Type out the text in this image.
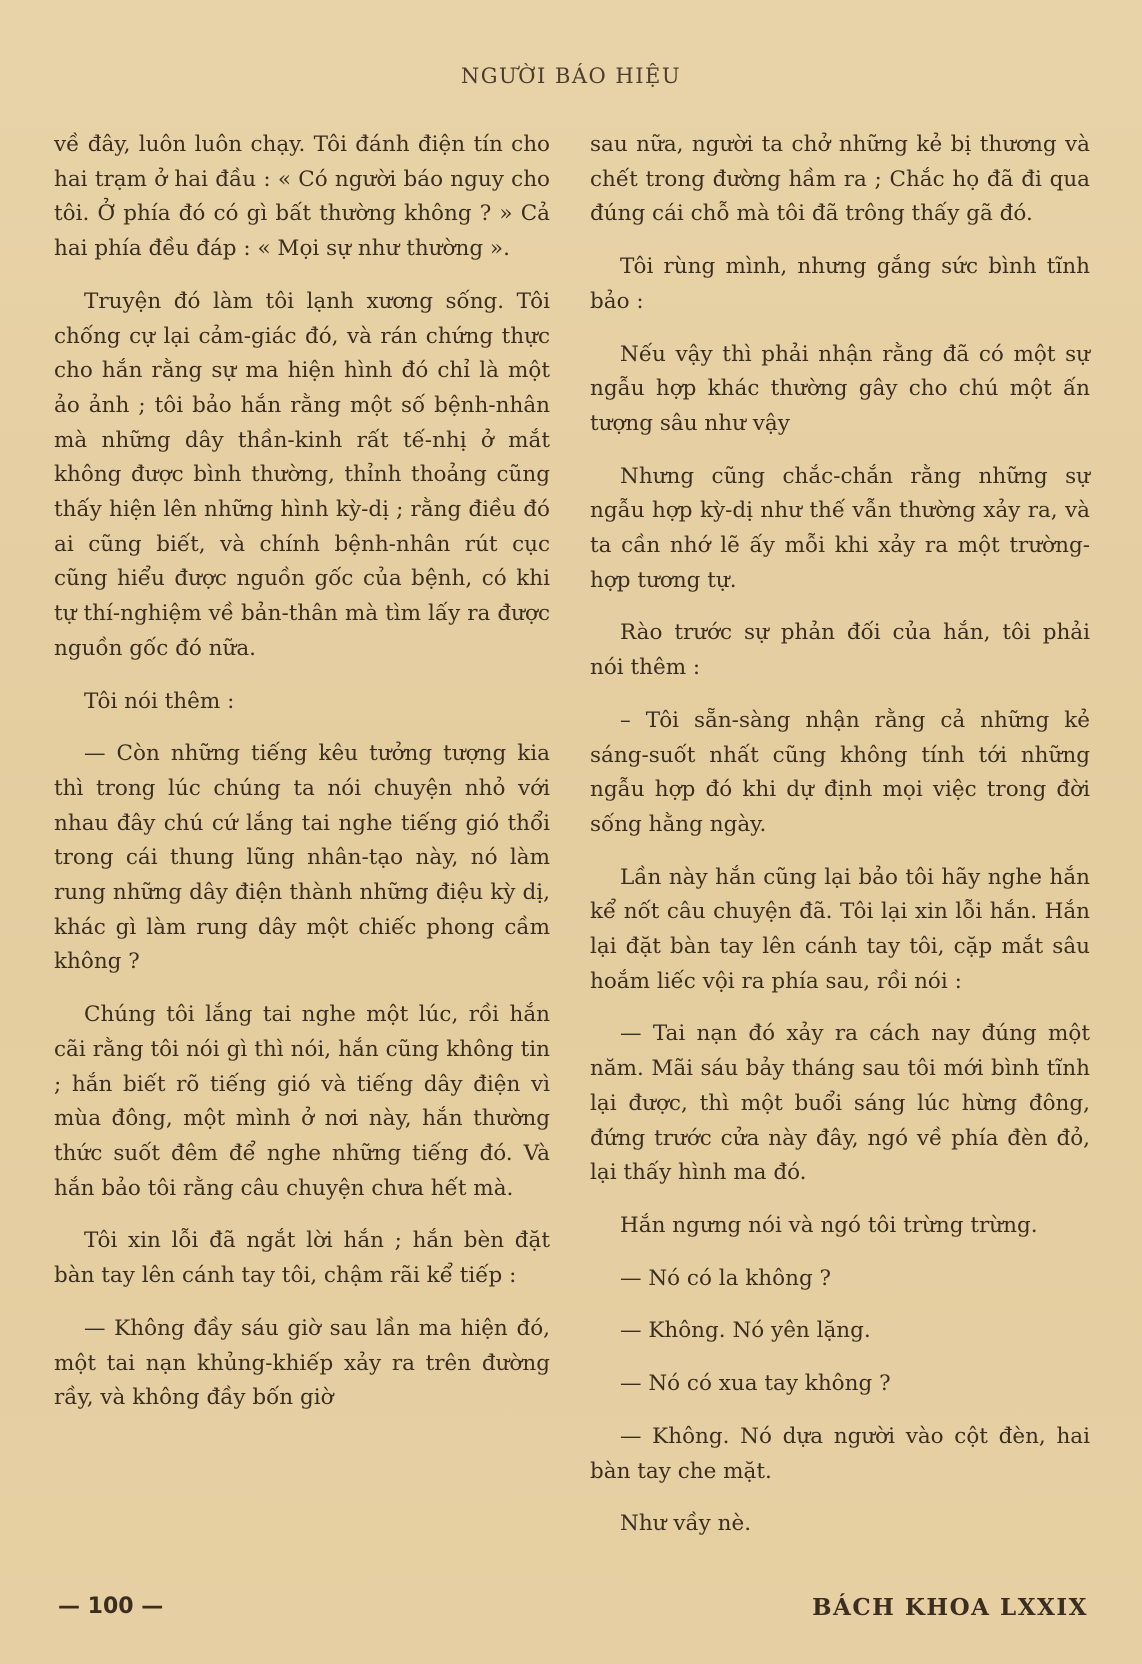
NGƯỜI BÁO HIỆU

về đây, luôn luôn chạy. Tôi đánh điện tín cho hai trạm ở hai đầu : « Có người báo nguy cho tôi. Ở phía đó có gì bất thường không ? » Cả hai phía đều đáp : « Mọi sự như thường ».

Truyện đó làm tôi lạnh xương sống. Tôi chống cự lại cảm-giác đó, và rán chứng thực cho hắn rằng sự ma hiện hình đó chỉ là một ảo ảnh ; tôi bảo hắn rằng một số bệnh-nhân mà những dây thần-kinh rất tế-nhị ở mắt không được bình thường, thỉnh thoảng cũng thấy hiện lên những hình kỳ-dị ; rằng điều đó ai cũng biết, và chính bệnh-nhân rút cục cũng hiểu được nguồn gốc của bệnh, có khi tự thí-nghiệm về bản-thân mà tìm lấy ra được nguồn gốc đó nữa.

Tôi nói thêm :

— Còn những tiếng kêu tưởng tượng kia thì trong lúc chúng ta nói chuyện nhỏ với nhau đây chú cứ lắng tai nghe tiếng gió thổi trong cái thung lũng nhân-tạo này, nó làm rung những dây điện thành những điệu kỳ dị, khác gì làm rung dây một chiếc phong cầm không ?

Chúng tôi lắng tai nghe một lúc, rồi hắn cãi rằng tôi nói gì thì nói, hắn cũng không tin ; hắn biết rõ tiếng gió và tiếng dây điện vì mùa đông, một mình ở nơi này, hắn thường thức suốt đêm để nghe những tiếng đó. Và hắn bảo tôi rằng câu chuyện chưa hết mà.

Tôi xin lỗi đã ngắt lời hắn ; hắn bèn đặt bàn tay lên cánh tay tôi, chậm rãi kể tiếp :

— Không đầy sáu giờ sau lần ma hiện đó, một tai nạn khủng-khiếp xảy ra trên đường rầy, và không đầy bốn giờ

sau nữa, người ta chở những kẻ bị thương và chết trong đường hầm ra ; Chắc họ đã đi qua đúng cái chỗ mà tôi đã trông thấy gã đó.

Tôi rùng mình, nhưng gắng sức bình tĩnh bảo :

Nếu vậy thì phải nhận rằng đã có một sự ngẫu hợp khác thường gây cho chú một ấn tượng sâu như vậy

Nhưng cũng chắc-chắn rằng những sự ngẫu hợp kỳ-dị như thế vẫn thường xảy ra, và ta cần nhớ lẽ ấy mỗi khi xảy ra một trường-hợp tương tự.

Rào trước sự phản đối của hắn, tôi phải nói thêm :

– Tôi sẵn-sàng nhận rằng cả những kẻ sáng-suốt nhất cũng không tính tới những ngẫu hợp đó khi dự định mọi việc trong đời sống hằng ngày.

Lần này hắn cũng lại bảo tôi hãy nghe hắn kể nốt câu chuyện đã. Tôi lại xin lỗi hắn. Hắn lại đặt bàn tay lên cánh tay tôi, cặp mắt sâu hoắm liếc vội ra phía sau, rồi nói :

— Tai nạn đó xảy ra cách nay đúng một năm. Mãi sáu bảy tháng sau tôi mới bình tĩnh lại được, thì một buổi sáng lúc hừng đông, đứng trước cửa này đây, ngó về phía đèn đỏ, lại thấy hình ma đó.

Hắn ngưng nói và ngó tôi trừng trừng.

— Nó có la không ?

— Không. Nó yên lặng.

— Nó có xua tay không ?

— Không. Nó dựa người vào cột đèn, hai bàn tay che mặt.

Như vầy nè.

— 100 —	BÁCH KHOA LXXIX
